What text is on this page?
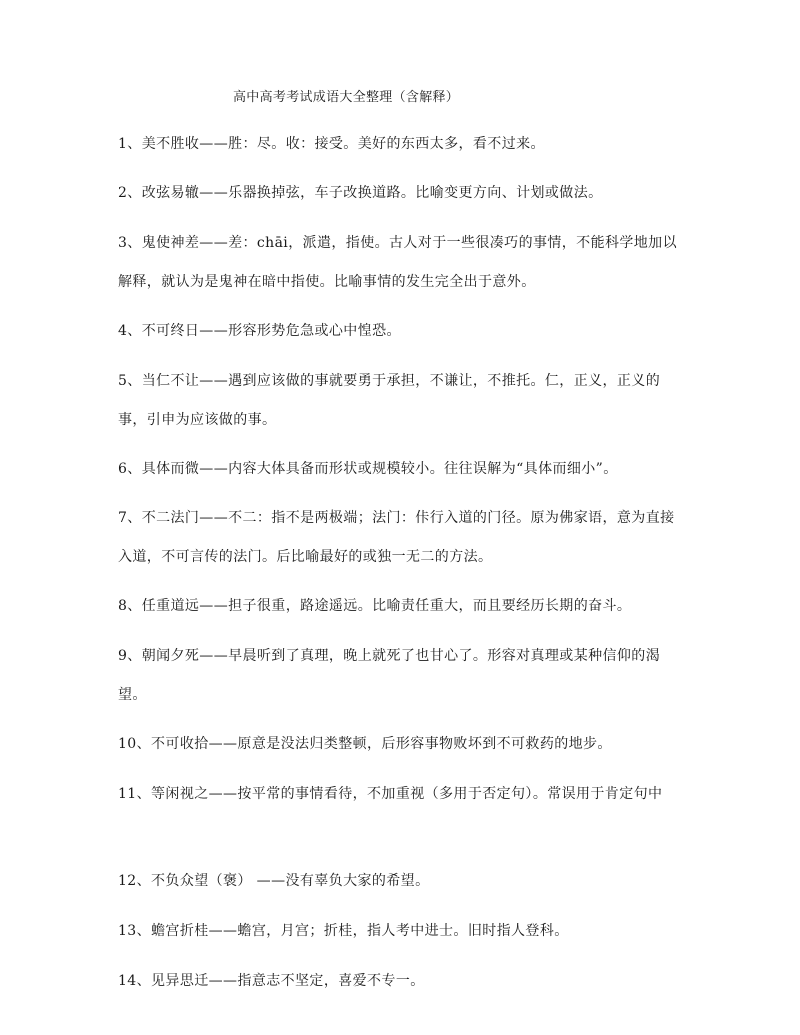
高中高考考试成语大全整理（含解释）
1、美不胜收——胜：尽。收：接受。美好的东西太多，看不过来。
2、改弦易辙——乐器换掉弦，车子改换道路。比喻变更方向、计划或做法。
3、鬼使神差——差：chāi，派遣，指使。古人对于一些很凑巧的事情，不能科学地加以解释，就认为是鬼神在暗中指使。比喻事情的发生完全出于意外。
4、不可终日——形容形势危急或心中惶恐。
5、当仁不让——遇到应该做的事就要勇于承担，不谦让，不推托。仁，正义，正义的事，引申为应该做的事。
6、具体而微——内容大体具备而形状或规模较小。往往误解为“具体而细小”。
7、不二法门——不二：指不是两极端；法门：佧行入道的门径。原为佛家语，意为直接入道，不可言传的法门。后比喻最好的或独一无二的方法。
8、任重道远——担子很重，路途遥远。比喻责任重大，而且要经历长期的奋斗。
9、朝闻夕死——早晨听到了真理，晚上就死了也甘心了。形容对真理或某种信仰的渴望。
10、不可收拾——原意是没法归类整顿，后形容事物败坏到不可救药的地步。
11、等闲视之——按平常的事情看待，不加重视（多用于否定句）。常误用于肯定句中
12、不负众望（褒） ——没有辜负大家的希望。
13、蟾宫折桂——蟾宫，月宫；折桂，指人考中进士。旧时指人登科。
14、见异思迁——指意志不坚定，喜爱不专一。
